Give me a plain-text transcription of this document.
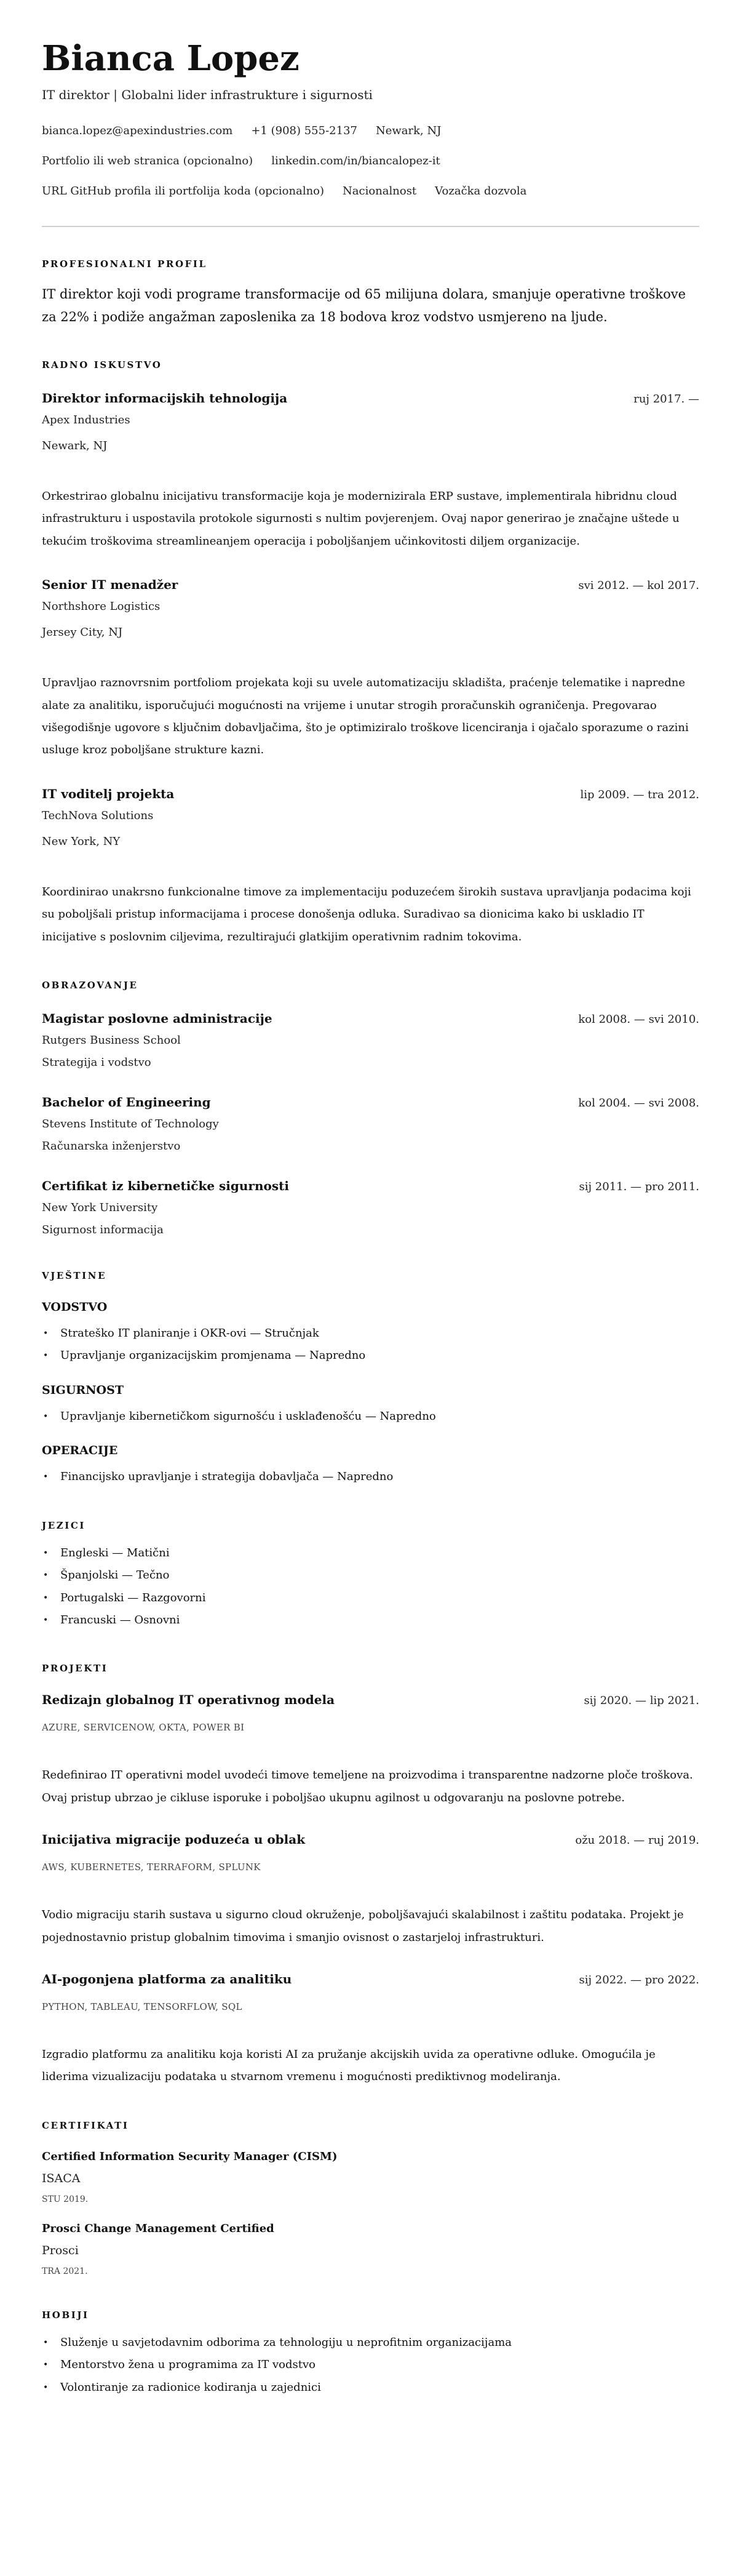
Bianca Lopez
IT direktor | Globalni lider infrastrukture i sigurnosti
bianca.lopez@apexindustries.com +1 (908) 555-2137 Newark, NJ
Portfolio ili web stranica (opcionalno) linkedin.com/in/biancalopez-it
URL GitHub profila ili portfolija koda (opcionalno) Nacionalnost Vozačka dozvola
PROFESIONALNI PROFIL

IT direktor koji vodi programe transformacije od 65 milijuna dolara, smanjuje operativne troškove za 22% i podiže angažman zaposlenika za 18 bodova kroz vodstvo usmjereno na ljude.

RADNO ISKUSTVO
Direktor informacijskih tehnologija	ruj 2017. —
Apex Industries
Newark, NJ
Orkestrirao globalnu inicijativu transformacije koja je modernizirala ERP sustave, implementirala hibridnu cloud infrastrukturu i uspostavila protokole sigurnosti s nultim povjerenjem. Ovaj napor generirao je značajne uštede u tekućim troškovima streamlineanjem operacija i poboljšanjem učinkovitosti diljem organizacije.
Senior IT menadžer	svi 2012. — kol 2017.
Northshore Logistics
Jersey City, NJ
Upravljao raznovrsnim portfoliom projekata koji su uvele automatizaciju skladišta, praćenje telematike i napredne alate za analitiku, isporučujući mogućnosti na vrijeme i unutar strogih proračunskih ograničenja. Pregovarao višegodišnje ugovore s ključnim dobavljačima, što je optimiziralo troškove licenciranja i ojačalo sporazume o razini usluge kroz poboljšane strukture kazni.
IT voditelj projekta	lip 2009. — tra 2012.
TechNova Solutions
New York, NY
Koordinirao unakrsno funkcionalne timove za implementaciju poduzećem širokih sustava upravljanja podacima koji su poboljšali pristup informacijama i procese donošenja odluka. Suradivao sa dionicima kako bi uskladio IT inicijative s poslovnim ciljevima, rezultirajući glatkijim operativnim radnim tokovima.
OBRAZOVANJE
Magistar poslovne administracije	kol 2008. — svi 2010.
Rutgers Business School
Strategija i vodstvo
Bachelor of Engineering	kol 2004. — svi 2008.
Stevens Institute of Technology
Računarska inženjerstvo
Certifikat iz kibernetičke sigurnosti	sij 2011. — pro 2011.
New York University
Sigurnost informacija
VJEŠTINE
VODSTVO
• Strateško IT planiranje i OKR-ovi — Stručnjak
• Upravljanje organizacijskim promjenama — Napredno
SIGURNOST
• Upravljanje kibernetičkom sigurnošću i usklađenošću — Napredno
OPERACIJE
• Financijsko upravljanje i strategija dobavljača — Napredno
JEZICI
• Engleski — Matični
• Španjolski — Tečno
• Portugalski — Razgovorni
• Francuski — Osnovni
PROJEKTI
Redizajn globalnog IT operativnog modela	sij 2020. — lip 2021.
AZURE, SERVICENOW, OKTA, POWER BI
Redefinirao IT operativni model uvodeći timove temeljene na proizvodima i transparentne nadzorne ploče troškova. Ovaj pristup ubrzao je cikluse isporuke i poboljšao ukupnu agilnost u odgovaranju na poslovne potrebe.
Inicijativa migracije poduzeća u oblak	ožu 2018. — ruj 2019.
AWS, KUBERNETES, TERRAFORM, SPLUNK
Vodio migraciju starih sustava u sigurno cloud okruženje, poboljšavajući skalabilnost i zaštitu podataka. Projekt je pojednostavnio pristup globalnim timovima i smanjio ovisnost o zastarjeloj infrastrukturi.
AI-pogonjena platforma za analitiku	sij 2022. — pro 2022.
PYTHON, TABLEAU, TENSORFLOW, SQL
Izgradio platformu za analitiku koja koristi AI za pružanje akcijskih uvida za operativne odluke. Omogućila je liderima vizualizaciju podataka u stvarnom vremenu i mogućnosti prediktivnog modeliranja.
CERTIFIKATI
Certified Information Security Manager (CISM)
ISACA
STU 2019.
Prosci Change Management Certified
Prosci
TRA 2021.
HOBIJI
• Služenje u savjetodavnim odborima za tehnologiju u neprofitnim organizacijama
• Mentorstvo žena u programima za IT vodstvo
• Volontiranje za radionice kodiranja u zajednici
